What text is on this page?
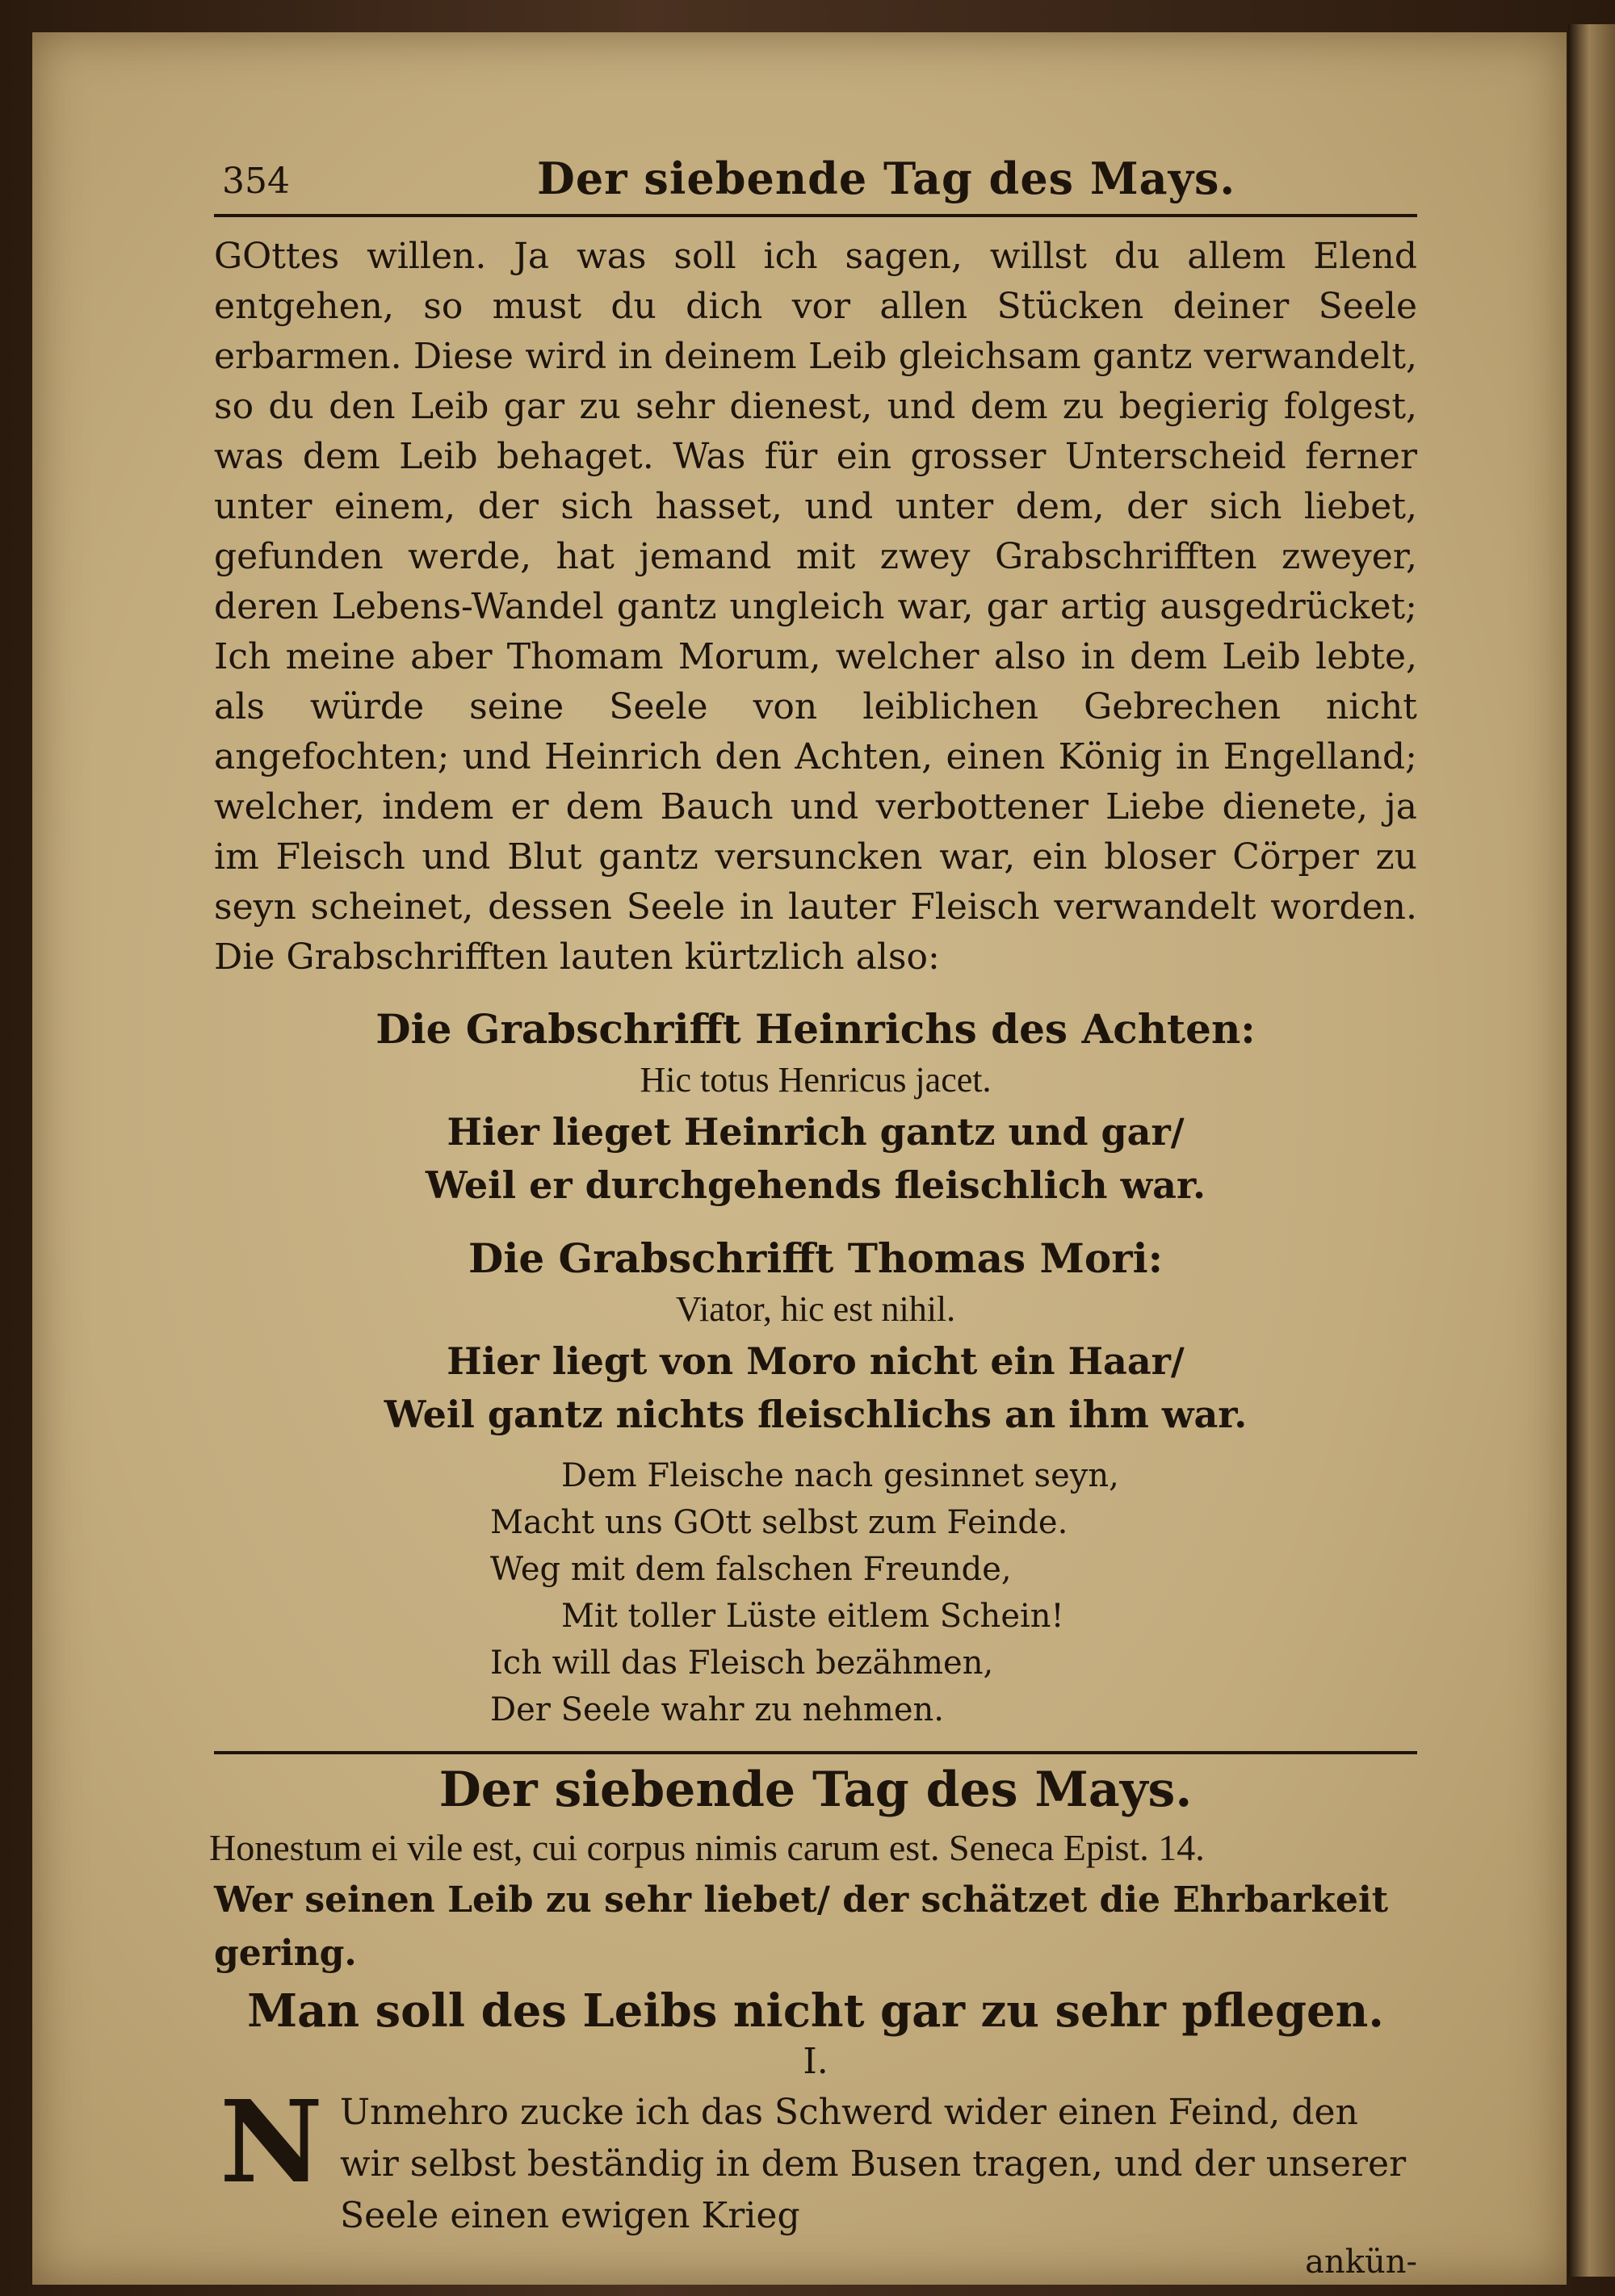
354	Der siebende Tag des Mays.

GOttes willen. Ja was soll ich sagen, willst du allem Elend entgehen, so must du dich vor allen Stücken deiner Seele erbarmen. Diese wird in deinem Leib gleichsam gantz verwandelt, so du den Leib gar zu sehr dienest, und dem zu begierig folgest, was dem Leib behaget. Was für ein grosser Unterscheid ferner unter einem, der sich hasset, und unter dem, der sich liebet, gefunden werde, hat jemand mit zwey Grabschrifften zweyer, deren Lebens-Wandel gantz ungleich war, gar artig ausgedrücket; Ich meine aber Thomam Morum, welcher also in dem Leib lebte, als würde seine Seele von leiblichen Gebrechen nicht angefochten; und Heinrich den Achten, einen König in Engelland; welcher, indem er dem Bauch und verbottener Liebe dienete, ja im Fleisch und Blut gantz versuncken war, ein bloser Cörper zu seyn scheinet, dessen Seele in lauter Fleisch verwandelt worden. Die Grabschrifften lauten kürtzlich also:

Die Grabschrifft Heinrichs des Achten:
Hic totus Henricus jacet.
Hier lieget Heinrich gantz und gar/
Weil er durchgehends fleischlich war.
Die Grabschrifft Thomas Mori:
Viator, hic est nihil.
Hier liegt von Moro nicht ein Haar/
Weil gantz nichts fleischlichs an ihm war.
Dem Fleische nach gesinnet seyn,
Macht uns GOtt selbst zum Feinde.
Weg mit dem falschen Freunde,
Mit toller Lüste eitlem Schein!
Ich will das Fleisch bezähmen,
Der Seele wahr zu nehmen.
Der siebende Tag des Mays.
Honestum ei vile est, cui corpus nimis carum est. Seneca Epist. 14.
Wer seinen Leib zu sehr liebet/ der schätzet die Ehrbarkeit gering.
Man soll des Leibs nicht gar zu sehr pflegen.
I.
N Unmehro zucke ich das Schwerd wider einen Feind, den wir selbst beständig in dem Busen tragen, und der unserer Seele einen ewigen Krieg
ankün-
